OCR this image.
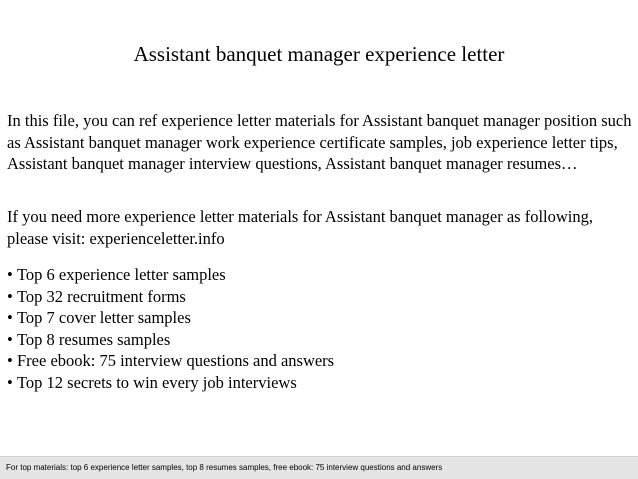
Assistant banquet manager experience letter

In this file, you can ref experience letter materials for Assistant banquet manager position such as Assistant banquet manager work experience certificate samples, job experience letter tips, Assistant banquet manager interview questions, Assistant banquet manager resumes…

If you need more experience letter materials for Assistant banquet manager as following, please visit: experienceletter.info

• Top 6 experience letter samples
• Top 32 recruitment forms
• Top 7 cover letter samples
• Top 8 resumes samples
• Free ebook: 75 interview questions and answers
• Top 12 secrets to win every job interviews
For top materials: top 6 experience letter samples, top 8 resumes samples, free ebook: 75 interview questions and answers
